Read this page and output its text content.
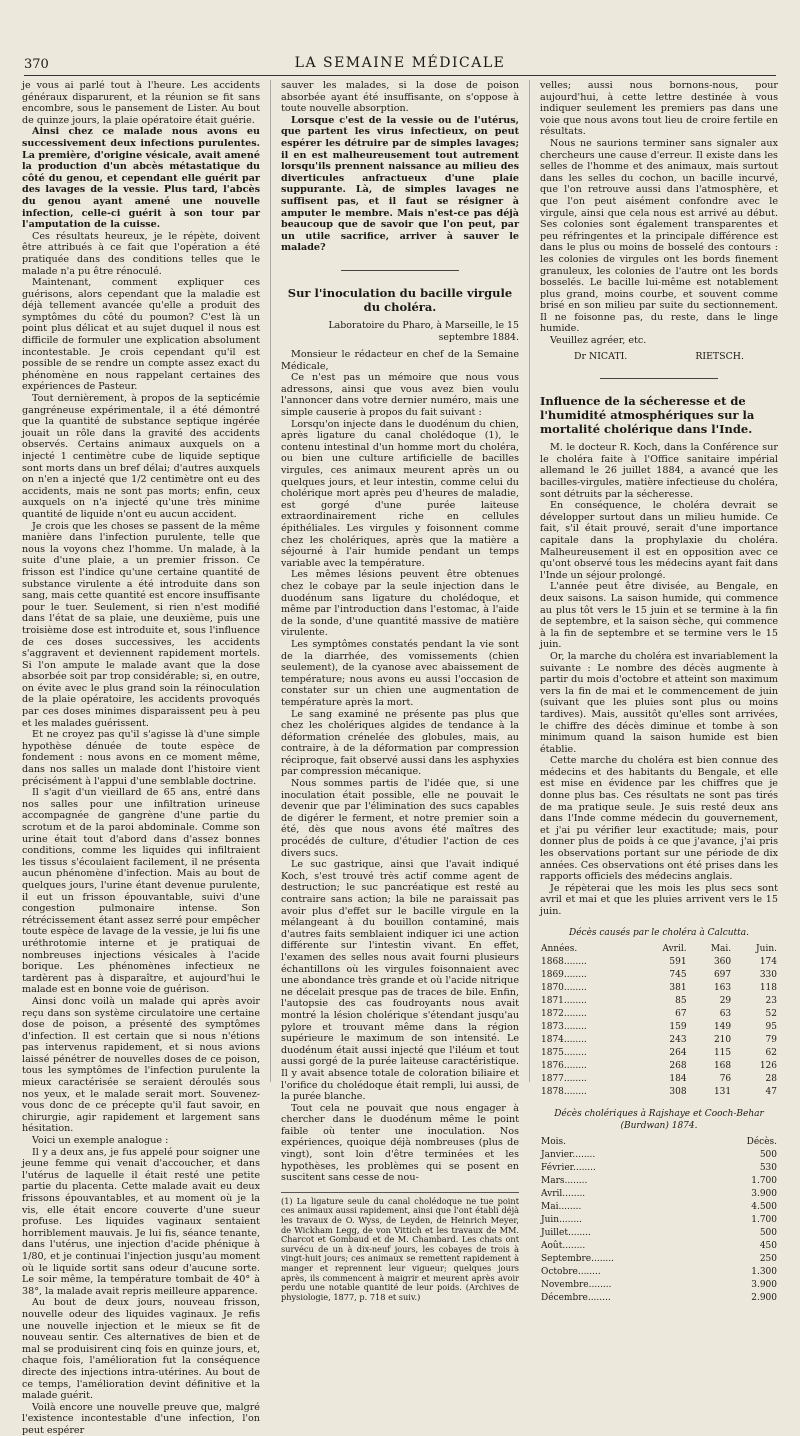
LA SEMAINE MÉDICALE
370

je vous ai parlé tout à l'heure. Les accidents généraux disparurent, et la réunion se fit sans encombre, sous le pansement de Lister. Au bout de quinze jours, la plaie opératoire était guérie.

Ainsi chez ce malade nous avons eu successivement deux infections purulentes. La première, d'origine vésicale, avait amené la production d'un abcès métastatique du côté du genou, et cependant elle guérit par des lavages de la vessie. Plus tard, l'abcès du genou ayant amené une nouvelle infection, celle-ci guérit à son tour par l'amputation de la cuisse.

Ces résultats heureux, je le répète, doivent être attribués à ce fait que l'opération a été pratiquée dans des conditions telles que le malade n'a pu être rénoculé.

Maintenant, comment expliquer ces guérisons, alors cependant que la maladie est déjà tellement avancée qu'elle a produit des symptômes du côté du poumon? C'est là un point plus délicat et au sujet duquel il nous est difficile de formuler une explication absolument incontestable. Je crois cependant qu'il est possible de se rendre un compte assez exact du phénomène en nous rappelant certaines des expériences de Pasteur.

Tout dernièrement, à propos de la septicémie gangréneuse expérimentale, il a été démontré que la quantité de substance septique ingérée jouait un rôle dans la gravité des accidents observés. Certains animaux auxquels on a injecté 1 centimètre cube de liquide septique sont morts dans un bref délai; d'autres auxquels on n'en a injecté que 1/2 centimètre ont eu des accidents, mais ne sont pas morts; enfin, ceux auxquels on n'a injecté qu'une très minime quantité de liquide n'ont eu aucun accident.

Je crois que les choses se passent de la même manière dans l'infection purulente, telle que nous la voyons chez l'homme. Un malade, à la suite d'une plaie, a un premier frisson. Ce frisson est l'indice qu'une certaine quantité de substance virulente a été introduite dans son sang, mais cette quantité est encore insuffisante pour le tuer. Seulement, si rien n'est modifié dans l'état de sa plaie, une deuxième, puis une troisième dose est introduite et, sous l'influence de ces doses successives, les accidents s'aggravent et deviennent rapidement mortels. Si l'on ampute le malade avant que la dose absorbée soit par trop considérable; si, en outre, on évite avec le plus grand soin la réinoculation de la plaie opératoire, les accidents provoqués par ces doses minimes disparaissent peu à peu et les malades guérissent.

Et ne croyez pas qu'il s'agisse là d'une simple hypothèse dénuée de toute espèce de fondement : nous avons en ce moment même, dans nos salles un malade dont l'histoire vient précisément à l'appui d'une semblable doctrine.

Il s'agit d'un vieillard de 65 ans, entré dans nos salles pour une infiltration urineuse accompagnée de gangrène d'une partie du scrotum et de la paroi abdominale. Comme son urine était tout d'abord dans d'assez bonnes conditions, comme les liquides qui infiltraient les tissus s'écoulaient facilement, il ne présenta aucun phénomène d'infection. Mais au bout de quelques jours, l'urine étant devenue purulente, il eut un frisson épouvantable, suivi d'une congestion pulmonaire intense. Son rétrécissement étant assez serré pour empêcher toute espèce de lavage de la vessie, je lui fis une uréthrotomie interne et je pratiquai de nombreuses injections vésicales à l'acide borique. Les phénomènes infectieux ne tardèrent pas à disparaître, et aujourd'hui le malade est en bonne voie de guérison.

Ainsi donc voilà un malade qui après avoir reçu dans son système circulatoire une certaine dose de poison, a présenté des symptômes d'infection. Il est certain que si nous n'étions pas intervenus rapidement, et si nous avions laissé pénétrer de nouvelles doses de ce poison, tous les symptômes de l'infection purulente la mieux caractérisée se seraient déroulés sous nos yeux, et le malade serait mort. Souvenez-vous donc de ce précepte qu'il faut savoir, en chirurgie, agir rapidement et largement sans hésitation.

Voici un exemple analogue :

Il y a deux ans, je fus appelé pour soigner une jeune femme qui venait d'accoucher, et dans l'utérus de laquelle il était resté une petite partie du placenta. Cette malade avait eu deux frissons épouvantables, et au moment où je la vis, elle était encore couverte d'une sueur profuse. Les liquides vaginaux sentaient horriblement mauvais. Je lui fis, séance tenante, dans l'utérus, une injection d'acide phénique à 1/80, et je continuai l'injection jusqu'au moment où le liquide sortit sans odeur d'aucune sorte. Le soir même, la température tombait de 40° à 38°, la malade avait repris meilleure apparence.

Au bout de deux jours, nouveau frisson, nouvelle odeur des liquides vaginaux. Je refis une nouvelle injection et le mieux se fit de nouveau sentir. Ces alternatives de bien et de mal se produisirent cinq fois en quinze jours, et, chaque fois, l'amélioration fut la conséquence directe des injections intra-utérines. Au bout de ce temps, l'amélioration devint définitive et la malade guérit.

Voilà encore une nouvelle preuve que, malgré l'existence incontestable d'une infection, l'on peut espérer

sauver les malades, si la dose de poison absorbée ayant été insuffisante, on s'oppose à toute nouvelle absorption.

Lorsque c'est de la vessie ou de l'utérus, que partent les virus infectieux, on peut espérer les détruire par de simples lavages; il en est malheureusement tout autrement lorsqu'ils prennent naissance au milieu des diverticules anfractueux d'une plaie suppurante. Là, de simples lavages ne suffisent pas, et il faut se résigner à amputer le membre. Mais n'est-ce pas déjà beaucoup que de savoir que l'on peut, par un utile sacrifice, arriver à sauver le malade?

Sur l'inoculation du bacille virgule du choléra.
Laboratoire du Pharo, à Marseille, le 15 septembre 1884.

Monsieur le rédacteur en chef de la Semaine Médicale,

Ce n'est pas un mémoire que nous vous adressons, ainsi que vous avez bien voulu l'annoncer dans votre dernier numéro, mais une simple causerie à propos du fait suivant :

Lorsqu'on injecte dans le duodénum du chien, après ligature du canal cholédoque (1), le contenu intestinal d'un homme mort du choléra, ou bien une culture artificielle de bacilles virgules, ces animaux meurent après un ou quelques jours, et leur intestin, comme celui du cholérique mort après peu d'heures de maladie, est gorgé d'une purée laiteuse extraordinairement riche en cellules épithéliales. Les virgules y foisonnent comme chez les cholériques, après que la matière a séjourné à l'air humide pendant un temps variable avec la température.

Les mêmes lésions peuvent être obtenues chez le cobaye par la seule injection dans le duodénum sans ligature du cholédoque, et même par l'introduction dans l'estomac, à l'aide de la sonde, d'une quantité massive de matière virulente.

Les symptômes constatés pendant la vie sont de la diarrhée, des vomissements (chien seulement), de la cyanose avec abaissement de température; nous avons eu aussi l'occasion de constater sur un chien une augmentation de température après la mort.

Le sang examiné ne présente pas plus que chez les cholériques algides de tendance à la déformation crénelée des globules, mais, au contraire, à de la déformation par compression réciproque, fait observé aussi dans les asphyxies par compression mécanique.

Nous sommes partis de l'idée que, si une inoculation était possible, elle ne pouvait le devenir que par l'élimination des sucs capables de digérer le ferment, et notre premier soin a été, dès que nous avons été maîtres des procédés de culture, d'étudier l'action de ces divers sucs.

Le suc gastrique, ainsi que l'avait indiqué Koch, s'est trouvé très actif comme agent de destruction; le suc pancréatique est resté au contraire sans action; la bile ne paraissait pas avoir plus d'effet sur le bacille virgule en la mélangeant à du bouillon contaminé, mais d'autres faits semblaient indiquer ici une action différente sur l'intestin vivant. En effet, l'examen des selles nous avait fourni plusieurs échantillons où les virgules foisonnaient avec une abondance très grande et où l'acide nitrique ne décelait presque pas de traces de bile. Enfin, l'autopsie des cas foudroyants nous avait montré la lésion cholérique s'étendant jusqu'au pylore et trouvant même dans la région supérieure le maximum de son intensité. Le duodénum était aussi injecté que l'iléum et tout aussi gorgé de la purée laiteuse caractéristique. Il y avait absence totale de coloration biliaire et l'orifice du cholédoque était rempli, lui aussi, de la purée blanche.

Tout cela ne pouvait que nous engager à chercher dans le duodénum même le point faible où tenter une inoculation. Nos expériences, quoique déjà nombreuses (plus de vingt), sont loin d'être terminées et les hypothèses, les problèmes qui se posent en suscitent sans cesse de nou-

(1) La ligature seule du canal cholédoque ne tue point ces animaux aussi rapidement, ainsi que l'ont établi déjà les travaux de O. Wyss, de Leyden, de Heinrich Meyer, de Wickham Legg, de von Vittich et les travaux de MM. Charcot et Gombaud et de M. Chambard. Les chats ont survécu de un à dix-neuf jours, les cobayes de trois à vingt-huit jours; ces animaux se remettent rapidement à manger et reprennent leur vigueur; quelques jours après, ils commencent à maigrir et meurent après avoir perdu une notable quantité de leur poids. (Archives de physiologie, 1877, p. 718 et suiv.)

velles; aussi nous bornons-nous, pour aujourd'hui, à cette lettre destinée à vous indiquer seulement les premiers pas dans une voie que nous avons tout lieu de croire fertile en résultats.

Nous ne saurions terminer sans signaler aux chercheurs une cause d'erreur. Il existe dans les selles de l'homme et des animaux, mais surtout dans les selles du cochon, un bacille incurvé, que l'on retrouve aussi dans l'atmosphère, et que l'on peut aisément confondre avec le virgule, ainsi que cela nous est arrivé au début. Ses colonies sont également transparentes et peu réfringentes et la principale différence est dans le plus ou moins de bosselé des contours : les colonies de virgules ont les bords finement granuleux, les colonies de l'autre ont les bords bosselés. Le bacille lui-même est notablement plus grand, moins courbe, et souvent comme brisé en son milieu par suite du sectionnement. Il ne foisonne pas, du reste, dans le linge humide.

Veuillez agréer, etc.

Dr NICATI.	RIETSCH.
Influence de la sécheresse et de l'humidité atmosphériques sur la mortalité cholérique dans l'Inde.

M. le docteur R. Koch, dans la Conférence sur le choléra faite à l'Office sanitaire impérial allemand le 26 juillet 1884, a avancé que les bacilles-virgules, matière infectieuse du choléra, sont détruits par la sécheresse.

En conséquence, le choléra devrait se développer surtout dans un milieu humide. Ce fait, s'il était prouvé, serait d'une importance capitale dans la prophylaxie du choléra. Malheureusement il est en opposition avec ce qu'ont observé tous les médecins ayant fait dans l'Inde un séjour prolongé.

L'année peut être divisée, au Bengale, en deux saisons. La saison humide, qui commence au plus tôt vers le 15 juin et se termine à la fin de septembre, et la saison sèche, qui commence à la fin de septembre et se termine vers le 15 juin.

Or, la marche du choléra est invariablement la suivante : Le nombre des décès augmente à partir du mois d'octobre et atteint son maximum vers la fin de mai et le commencement de juin (suivant que les pluies sont plus ou moins tardives). Mais, aussitôt qu'elles sont arrivées, le chiffre des décès diminue et tombe à son minimum quand la saison humide est bien établie.

Cette marche du choléra est bien connue des médecins et des habitants du Bengale, et elle est mise en évidence par les chiffres que je donne plus bas. Ces résultats ne sont pas tirés de ma pratique seule. Je suis resté deux ans dans l'Inde comme médecin du gouvernement, et j'ai pu vérifier leur exactitude; mais, pour donner plus de poids à ce que j'avance, j'ai pris les observations portant sur une période de dix années. Ces observations ont été prises dans les rapports officiels des médecins anglais.

Je répèterai que les mois les plus secs sont avril et mai et que les pluies arrivent vers le 15 juin.

Décès causés par le choléra à Calcutta.
Années.	Avril.	Mai.	Juin.
1868........	591	360	174
1869........	745	697	330
1870........	381	163	118
1871........	85	29	23
1872........	67	63	52
1873........	159	149	95
1874........	243	210	79
1875........	264	115	62
1876........	268	168	126
1877........	184	76	28
1878........	308	131	47
Décès cholériques à Rajshaye et Cooch-Behar (Burdwan) 1874.
Mois.	Décès.
Janvier........	500
Février........	530
Mars........	1.700
Avril........	3.900
Mai........	4.500
Juin........	1.700
Juillet........	500
Août........	450
Septembre........	250
Octobre........	1.300
Novembre........	3.900
Décembre........	2.900
